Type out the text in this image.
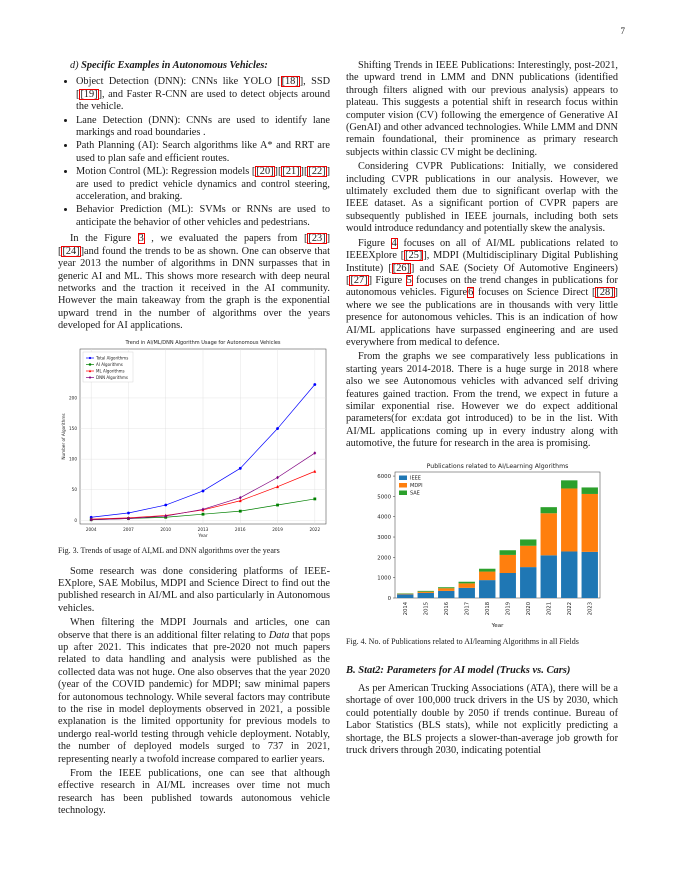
7
d) Specific Examples in Autonomous Vehicles:
• Object Detection (DNN): CNNs like YOLO [[18]], SSD [[19]], and Faster R-CNN are used to detect objects around the vehicle.
• Lane Detection (DNN): CNNs are used to identify lane markings and road boundaries .
• Path Planning (AI): Search algorithms like A* and RRT are used to plan safe and efficient routes.
• Motion Control (ML): Regression models [[20]][[21]][[22]] are used to predict vehicle dynamics and control steering, acceleration, and braking.
• Behavior Prediction (ML): SVMs or RNNs are used to anticipate the behavior of other vehicles and pedestrians.

In the Figure 3 , we evaluated the papers from [[23]][[24]]and found the trends to be as shown. One can observe that year 2013 the number of algorithms in DNN surpasses that in generic AI and ML. This shows more research with deep neural networks and the traction it received in the AI community. However the main takeaway from the graph is the exponential upward trend in the number of algorithms over the years developed for AI applications.

Trend in AI/ML/DNN Algorithm Usage for Autonomous Vehicles
0
50
100
150
200
2004	2007	2010	2013	2016	2019	2022
Year
Number of Algorithms
Total Algorithms
AI Algorithms
ML Algorithms
DNN Algorithms
Fig. 3. Trends of usage of AI,ML and DNN algorithms over the years

Some research was done considering platforms of IEEE-EXplore, SAE Mobilus, MDPI and Science Direct to find out the published research in AI/ML and also particularly in Autonomous vehicles.

When filtering the MDPI Journals and articles, one can observe that there is an additional filter relating to Data that pops up after 2021. This indicates that pre-2020 not much papers related to data handling and analysis were published as the collected data was not huge. One also observes that the year 2020 (year of the COVID pandemic) for MDPI; saw minimal papers for autonomous technology. While several factors may contribute to the rise in model deployments observed in 2021, a possible explanation is the limited opportunity for previous models to undergo real-world testing through vehicle deployment. Notably, the number of deployed models surged to 737 in 2021, representing nearly a twofold increase compared to earlier years.

From the IEEE publications, one can see that although effective research in AI/ML increases over time not much research has been published towards autonomous vehicle technology.

Shifting Trends in IEEE Publications: Interestingly, post-2021, the upward trend in LMM and DNN publications (identified through filters aligned with our previous analysis) appears to plateau. This suggests a potential shift in research focus within computer vision (CV) following the emergence of Generative AI (GenAI) and other advanced technologies. While LMM and DNN remain foundational, their prominence as primary research subjects within classic CV might be declining.

Considering CVPR Publications: Initially, we considered including CVPR publications in our analysis. However, we ultimately excluded them due to significant overlap with the IEEE dataset. As a significant portion of CVPR papers are subsequently published in IEEE journals, including both sets would introduce redundancy and potentially skew the analysis.

Figure 4 focuses on all of AI/ML publications related to IEEEXplore [[25]], MDPI (Multidisciplinary Digital Publishing Institute) [[26]] and SAE (Society Of Automotive Engineers) [[27]] Figure 5 focuses on the trend changes in publications for autonomous vehicles. Figure6 focuses on Science Direct [[28]] where we see the publications are in thousands with very little presence for autonomous vehicles. This is an indication of how AI/ML applications have surpassed engineering and are used everywhere from medical to defence.

From the graphs we see comparatively less publications in starting years 2014-2018. There is a huge surge in 2018 where also we see Autonomous vehicles with advanced self driving features gained traction. From the trend, we expect in future a similar exponential rise. However we do expect additional parameters(for ex:data got introduced) to be in the list. With AI/ML applications coming up in every industry along with automotive, the future for research in the area is promising.

Publications related to AI/Learning Algorithms
0
1000
2000
3000
4000
5000
6000
2014	2015	2016	2017	2018	2019	2020	2021	2022	2023
Year
IEEE
MDPI
SAE
Fig. 4. No. of Publications related to AI/learning Algorithms in all Fields
B. Stat2: Parameters for AI model (Trucks vs. Cars)

As per American Trucking Associations (ATA), there will be a shortage of over 100,000 truck drivers in the US by 2030, which could potentially double by 2050 if trends continue. Bureau of Labor Statistics (BLS stats), while not explicitly predicting a shortage, the BLS projects a slower-than-average job growth for truck drivers through 2030, indicating potential
